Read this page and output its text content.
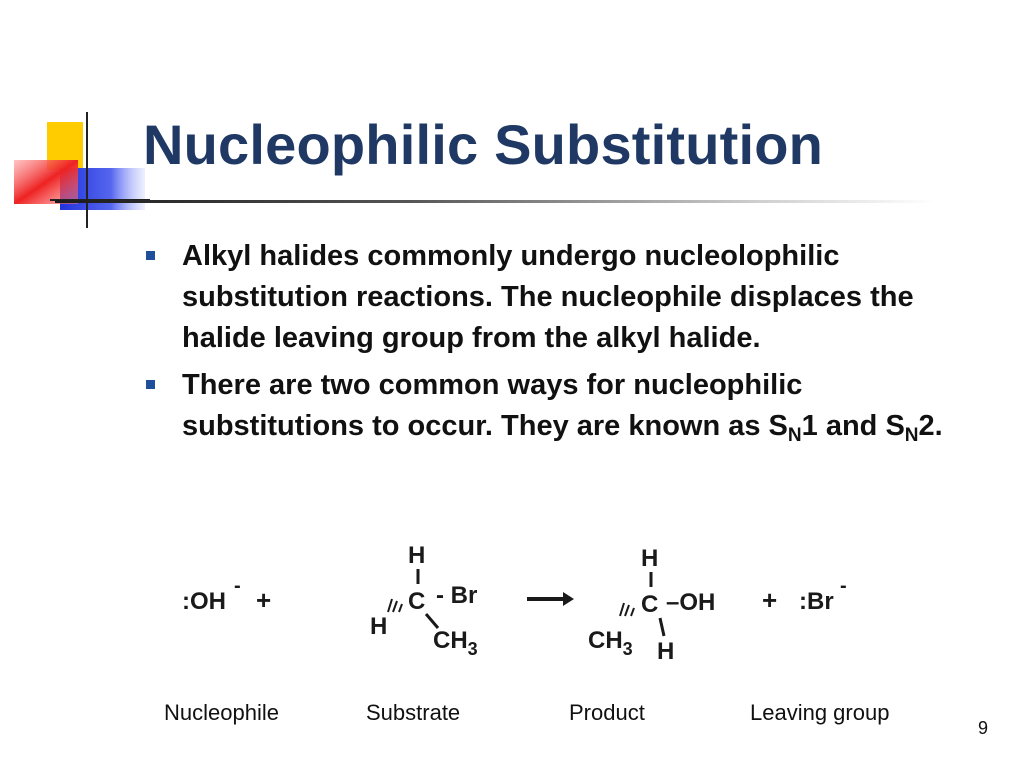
Nucleophilic Substitution
Alkyl halides commonly undergo nucleolophilic substitution reactions. The nucleophile displaces the halide leaving group from the alkyl halide.
There are two common ways for nucleophilic substitutions to occur. They are known as $S_N1$ and $S_N2$.
:OH
- +
H
C - Br
H
$CH_3$
H
C –OH
$CH_3$ H
+ :Br
-
Nucleophile	Substrate	Product	Leaving group
9
